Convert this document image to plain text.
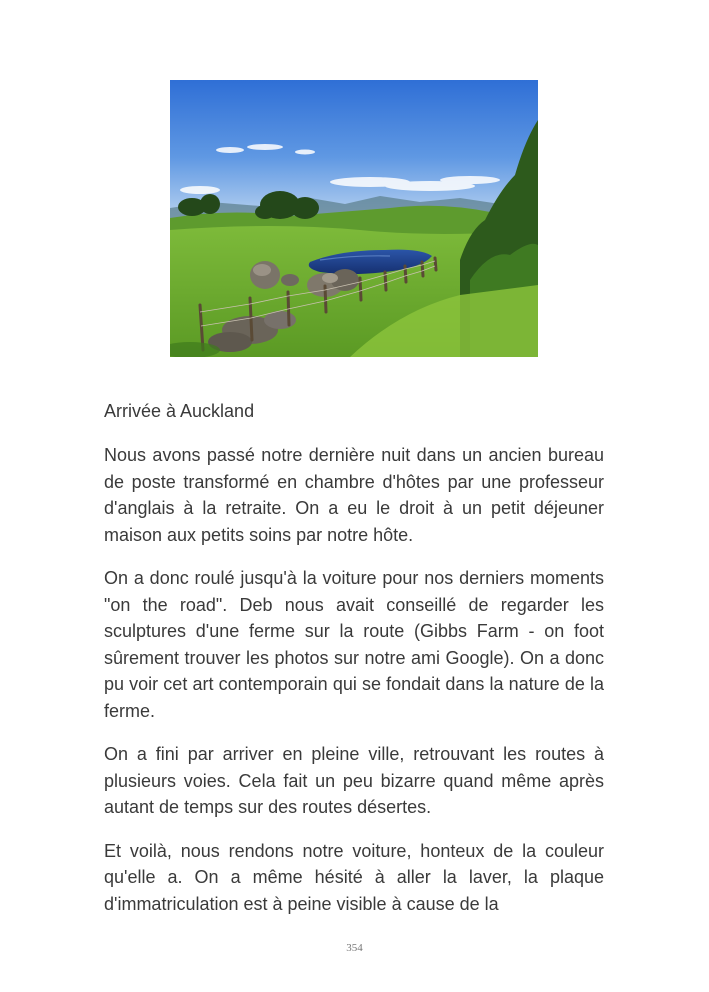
Arrivée à Auckland

Nous avons passé notre dernière nuit dans un ancien bureau de poste transformé en chambre d'hôtes par une professeur d'anglais à la retraite. On a eu le droit à un petit déjeuner maison aux petits soins par notre hôte.

On a donc roulé jusqu'à la voiture pour nos derniers moments "on the road". Deb nous avait conseillé de regarder les sculptures d'une ferme sur la route (Gibbs Farm - on foot sûrement trouver les photos sur notre ami Google). On a donc pu voir cet art contemporain qui se fondait dans la nature de la ferme.

On a fini par arriver en pleine ville, retrouvant les routes à plusieurs voies. Cela fait un peu bizarre quand même après autant de temps sur des routes désertes.

Et voilà, nous rendons notre voiture, honteux de la couleur qu'elle a. On a même hésité à aller la laver, la plaque d'immatriculation est à peine visible à cause de la

354
